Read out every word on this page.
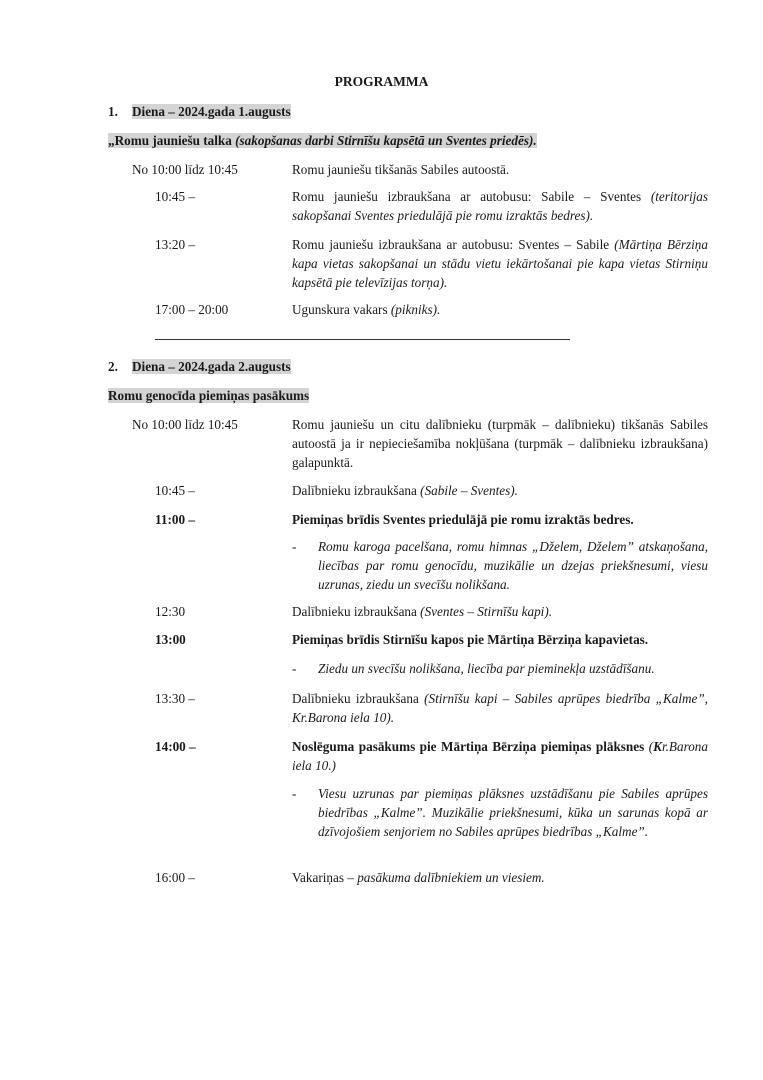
PROGRAMMA
1. Diena – 2024.gada 1.augusts
„Romu jauniešu talka (sakopšanas darbi Stirnīšu kapsētā un Sventes priedēs).
No 10:00 līdz 10:45	Romu jauniešu tikšanās Sabiles autoostā.
10:45 –	Romu jauniešu izbraukšana ar autobusu: Sabile – Sventes (teritorijas sakopšanai Sventes priedulājā pie romu izraktās bedres).
13:20 –	Romu jauniešu izbraukšana ar autobusu: Sventes – Sabile (Mārtiņa Bērziņa kapa vietas sakopšanai un stādu vietu iekārtošanai pie kapa vietas Stirniņu kapsētā pie televīzijas torņa).
17:00 – 20:00	Ugunskura vakars (pikniks).
2. Diena – 2024.gada 2.augusts
Romu genocīda piemiņas pasākums
No 10:00 līdz 10:45	Romu jauniešu un citu dalībnieku (turpmāk – dalībnieku) tikšanās Sabiles autoostā ja ir nepieciešamība nokļūšana (turpmāk – dalībnieku izbraukšana) galapunktā.
10:45 –	Dalībnieku izbraukšana (Sabile – Sventes).
11:00 –	Piemiņas brīdis Sventes priedulājā pie romu izraktās bedres.
- Romu karoga pacelšana, romu himnas „Dželem, Dželem” atskaņošana, liecības par romu genocīdu, muzikālie un dzejas priekšnesumi, viesu uzrunas, ziedu un svecīšu nolikšana.
12:30	Dalībnieku izbraukšana (Sventes – Stirnīšu kapi).
13:00	Piemiņas brīdis Stirnīšu kapos pie Mārtiņa Bērziņa kapavietas.
- Ziedu un svecīšu nolikšana, liecība par pieminekļa uzstādīšanu.
13:30 –	Dalībnieku izbraukšana (Stirnīšu kapi – Sabiles aprūpes biedrība „Kalme”, Kr.Barona iela 10).
14:00 –	Noslēguma pasākums pie Mārtiņa Bērziņa piemiņas plāksnes (Kr.Barona iela 10.)
- Viesu uzrunas par piemiņas plāksnes uzstādīšanu pie Sabiles aprūpes biedrības „Kalme”. Muzikālie priekšnesumi, kūka un sarunas kopā ar dzīvojošiem senjoriem no Sabiles aprūpes biedrības „Kalme”.
16:00 –	Vakariņas – pasākuma dalībniekiem un viesiem.
